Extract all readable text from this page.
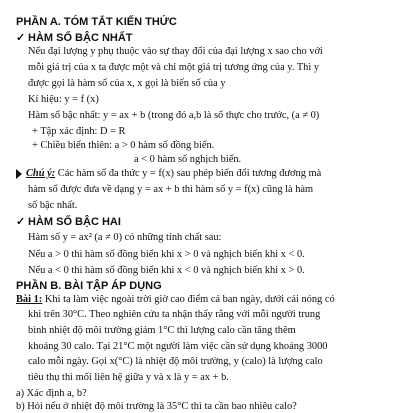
PHẦN A. TÓM TẮT KIẾN THỨC
✓ HÀM SỐ BẬC NHẤT
Nếu đại lượng y phụ thuộc vào sự thay đổi của đại lượng x sao cho với
mỗi giá trị của x ta được một và chỉ một giá trị tương ứng của y. Thì y
được gọi là hàm số của x, x gọi là biến số của y
Kí hiệu: y = f (x)
Hàm số bậc nhất: y = ax + b (trong đó a,b là số thực cho trước, (a ≠ 0)
+ Tập xác định: D = R
+ Chiều biến thiên: a > 0 hàm số đồng biến.
a < 0 hàm số nghịch biến.
Chú ý: Các hàm số đa thức y = f(x) sau phép biến đổi tương đương mà
hàm số được đưa về dạng y = ax + b thì hàm số y = f(x) cũng là hàm
số bậc nhất.
✓ HÀM SỐ BẬC HAI
Hàm số y = ax² (a ≠ 0) có những tính chất sau:
Nếu a > 0 thì hàm số đồng biến khi x > 0 và nghịch biến khi x < 0.
Nếu a < 0 thì hàm số đồng biến khi x < 0 và nghịch biến khi x > 0.
PHẦN B. BÀI TẬP ÁP DỤNG
Bài 1: Khi ta làm việc ngoài trời giờ cao điểm cả ban ngày, dưới cái nóng có
khi trên 30°C. Theo nghiên cứu ta nhận thấy rằng với mỗi người trung
bình nhiệt độ môi trường giảm 1°C thì lượng calo cần tăng thêm
khoảng 30 calo. Tại 21°C một người làm việc cần sử dụng khoảng 3000
calo mỗi ngày. Gọi x(°C) là nhiệt độ môi trường, y (calo) là lượng calo
tiêu thụ thì mối liên hệ giữa y và x là y = ax + b.
a) Xác định a, b?
b) Hỏi nếu ở nhiệt độ môi trường là 35°C thì ta cần bao nhiêu calo?
